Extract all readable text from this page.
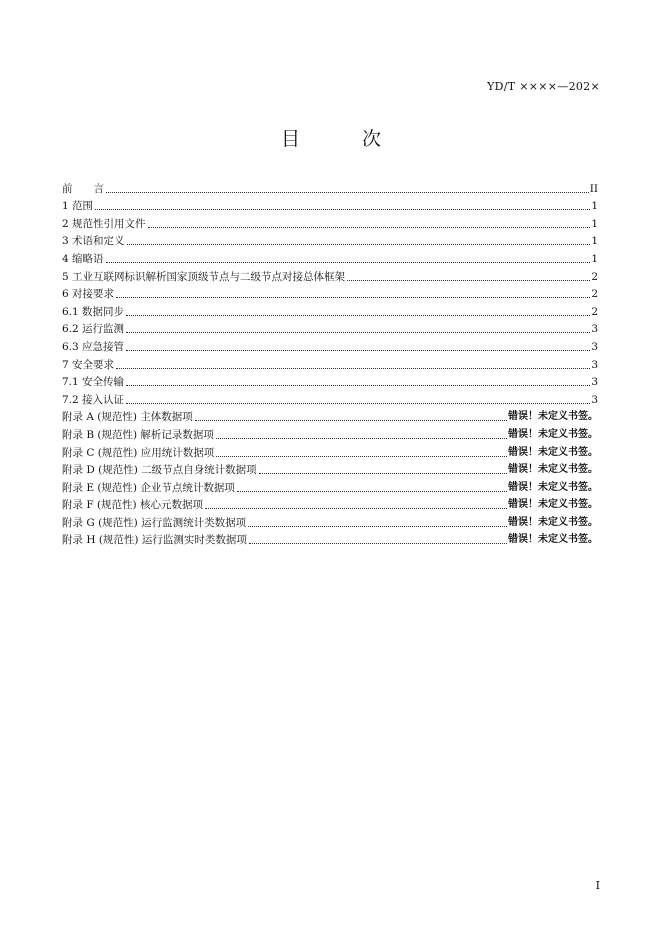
YD/T ××××—202×
目 次
前　　言	II
1 范围	1
2 规范性引用文件	1
3 术语和定义	1
4 缩略语	1
5 工业互联网标识解析国家顶级节点与二级节点对接总体框架	2
6 对接要求	2
6.1 数据同步	2
6.2 运行监测	3
6.3 应急接管	3
7 安全要求	3
7.1 安全传输	3
7.2 接入认证	3
附录 A (规范性) 主体数据项	错误！未定义书签。
附录 B (规范性) 解析记录数据项	错误！未定义书签。
附录 C (规范性) 应用统计数据项	错误！未定义书签。
附录 D (规范性) 二级节点自身统计数据项	错误！未定义书签。
附录 E (规范性) 企业节点统计数据项	错误！未定义书签。
附录 F (规范性) 核心元数据项	错误！未定义书签。
附录 G (规范性) 运行监测统计类数据项	错误！未定义书签。
附录 H (规范性) 运行监测实时类数据项	错误！未定义书签。
I
